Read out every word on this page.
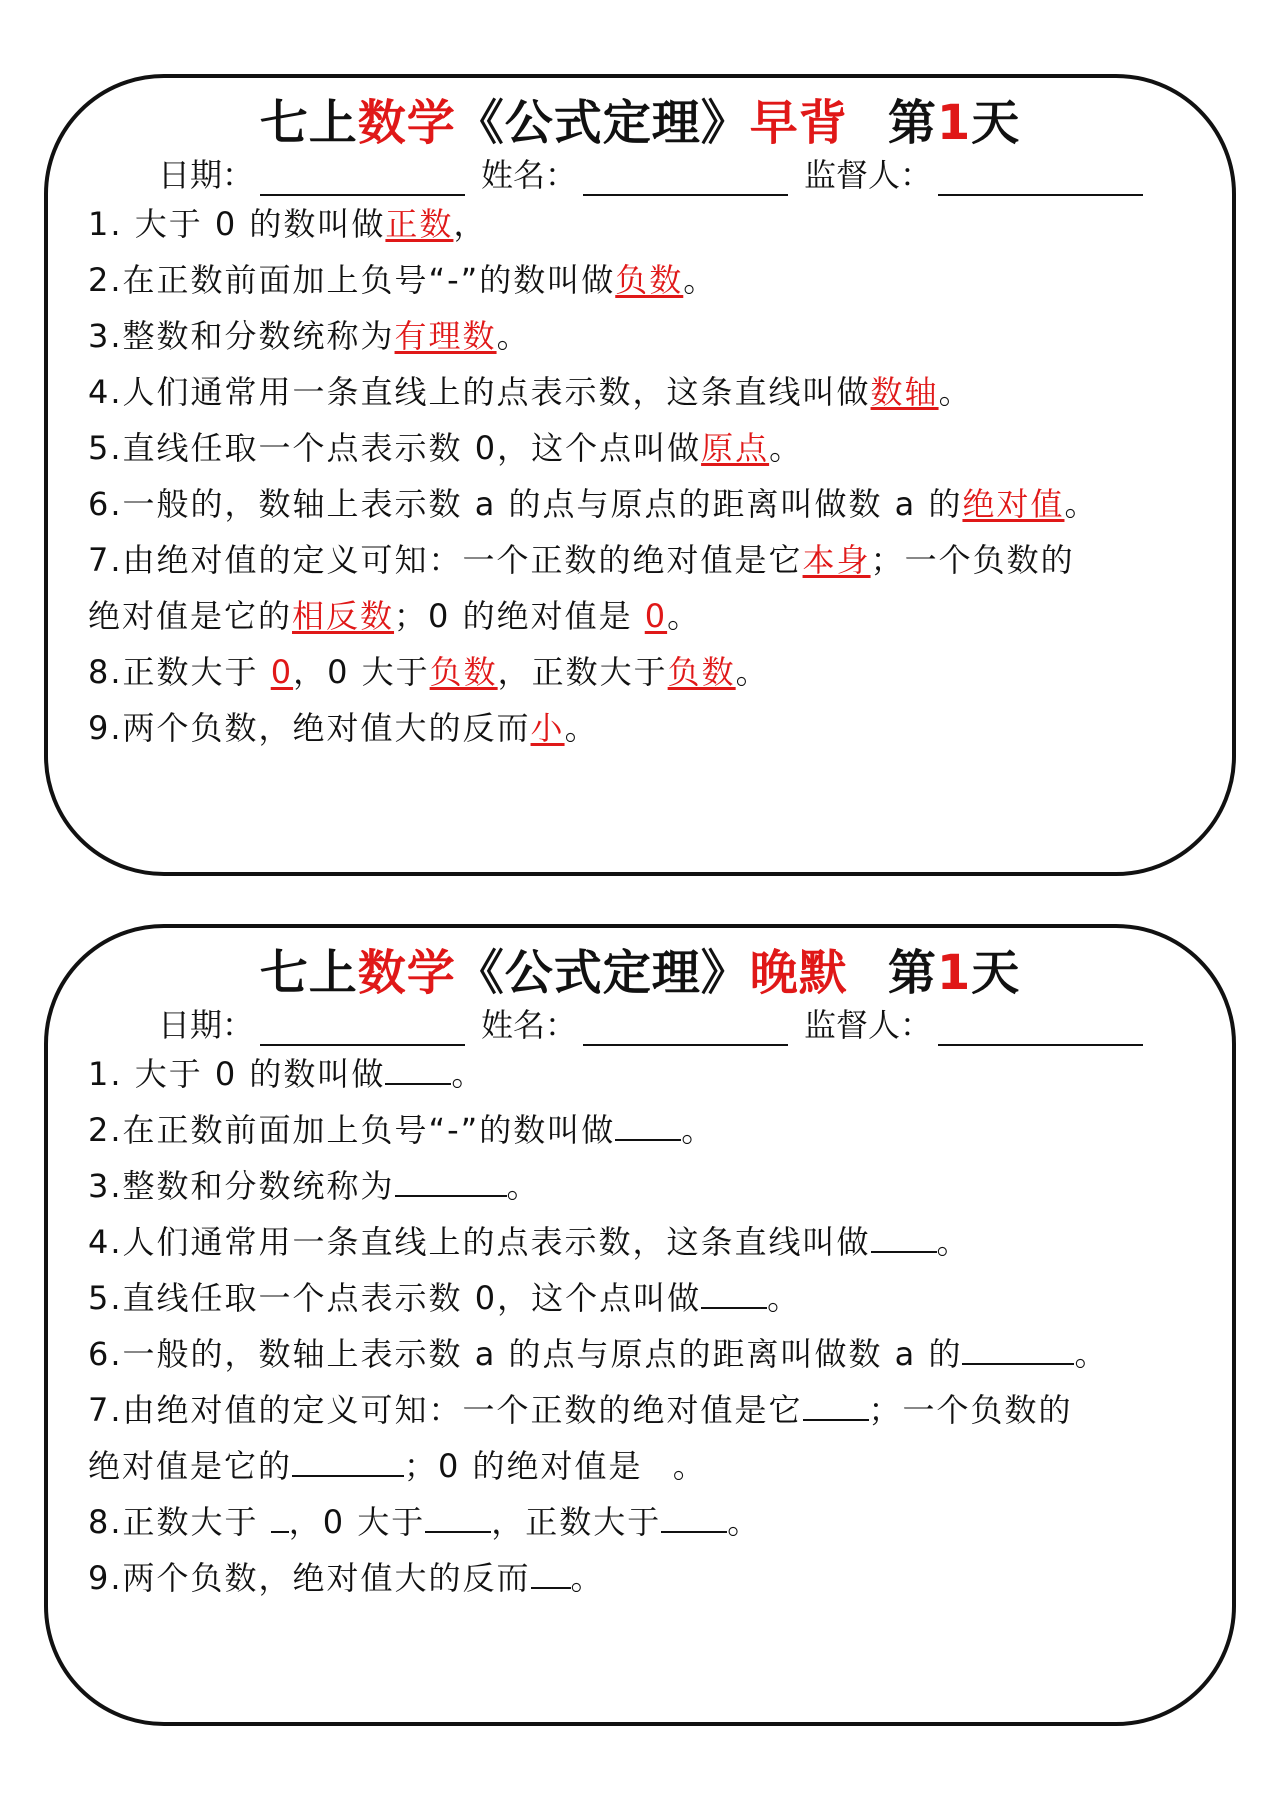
七上数学《公式定理》早背 第1天
日期：	姓名：	监督人：
1. 大于 0 的数叫做正数，
2.在正数前面加上负号“-”的数叫做负数。
3.整数和分数统称为有理数。
4.人们通常用一条直线上的点表示数，这条直线叫做数轴。
5.直线任取一个点表示数 0，这个点叫做原点。
6.一般的，数轴上表示数 a 的点与原点的距离叫做数 a 的绝对值。
7.由绝对值的定义可知：一个正数的绝对值是它本身；一个负数的
绝对值是它的相反数；0 的绝对值是 0。
8.正数大于 0，0 大于负数，正数大于负数。
9.两个负数，绝对值大的反而小。
七上数学《公式定理》晚默 第1天
日期：	姓名：	监督人：
1. 大于 0 的数叫做 。
2.在正数前面加上负号“-”的数叫做 。
3.整数和分数统称为	。
4.人们通常用一条直线上的点表示数，这条直线叫做 。
5.直线任取一个点表示数 0，这个点叫做 。
6.一般的，数轴上表示数 a 的点与原点的距离叫做数 a 的	。
7.由绝对值的定义可知：一个正数的绝对值是它 ；一个负数的
绝对值是它的	；0 的绝对值是 。
8.正数大于 ，0 大于 ，正数大于 。
9.两个负数，绝对值大的反而 。
